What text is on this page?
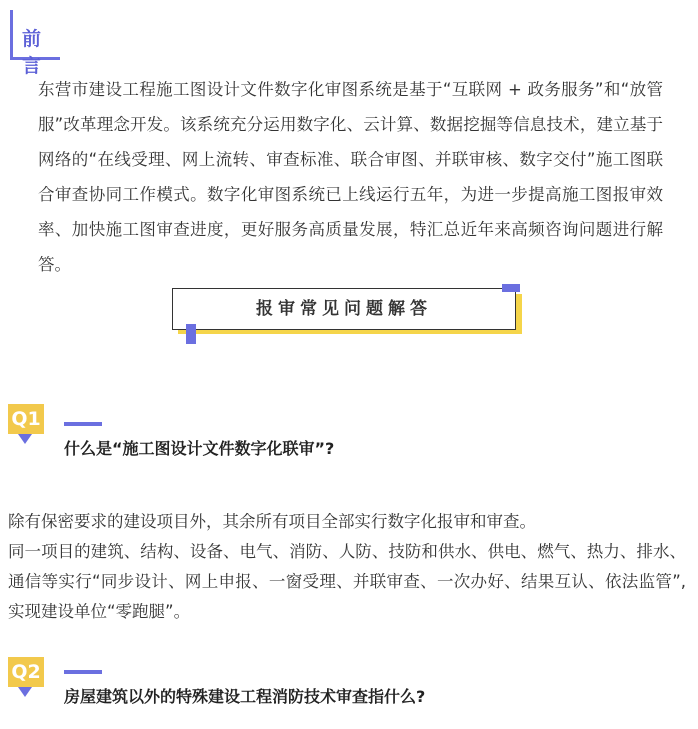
前言

东营市建设工程施工图设计文件数字化审图系统是基于“互联网 + 政务服务”和“放管服”改革理念开发。该系统充分运用数字化、云计算、数据挖掘等信息技术，建立基于网络的“在线受理、网上流转、审查标准、联合审图、并联审核、数字交付”施工图联合审查协同工作模式。数字化审图系统已上线运行五年，为进一步提高施工图报审效率、加快施工图审查进度，更好服务高质量发展，特汇总近年来高频咨询问题进行解答。

报审常见问题解答
Q1
什么是“施工图设计文件数字化联审”?

除有保密要求的建设项目外，其余所有项目全部实行数字化报审和审查。

同一项目的建筑、结构、设备、电气、消防、人防、技防和供水、供电、燃气、热力、排水、通信等实行“同步设计、网上申报、一窗受理、并联审查、一次办好、结果互认、依法监管”,实现建设单位“零跑腿”。

Q2
房屋建筑以外的特殊建设工程消防技术审查指什么?
